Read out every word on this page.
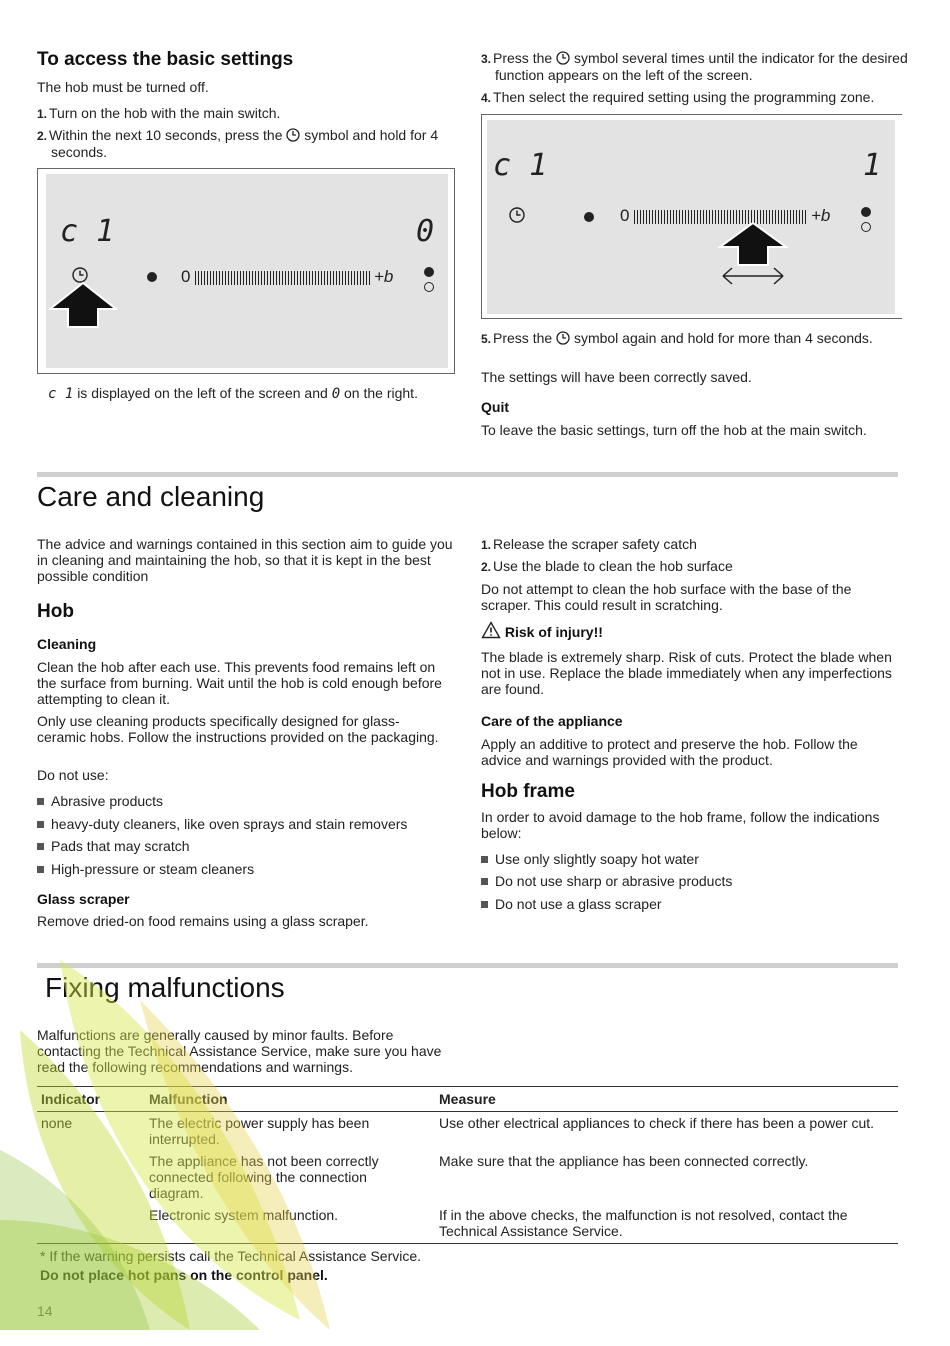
To access the basic settings

The hob must be turned off.

1. Turn on the hob with the main switch.
2. Within the next 10 seconds, press the symbol and hold for 4 seconds.
c 1	0
0	+b

c 1 is displayed on the left of the screen and 0 on the right.

3. Press the symbol several times until the indicator for the desired function appears on the left of the screen.
4. Then select the required setting using the programming zone.
c 1	1
0	+b
5. Press the symbol again and hold for more than 4 seconds.

The settings will have been correctly saved.

Quit

To leave the basic settings, turn off the hob at the main switch.

Care and cleaning

The advice and warnings contained in this section aim to guide you in cleaning and maintaining the hob, so that it is kept in the best possible condition

Hob

Cleaning

Clean the hob after each use. This prevents food remains left on the surface from burning. Wait until the hob is cold enough before attempting to clean it.

Only use cleaning products specifically designed for glass-ceramic hobs. Follow the instructions provided on the packaging.

Do not use:

Abrasive products
heavy-duty cleaners, like oven sprays and stain removers
Pads that may scratch
High-pressure or steam cleaners

Glass scraper

Remove dried-on food remains using a glass scraper.

1. Release the scraper safety catch
2. Use the blade to clean the hob surface

Do not attempt to clean the hob surface with the base of the scraper. This could result in scratching.

Risk of injury!!

The blade is extremely sharp. Risk of cuts. Protect the blade when not in use. Replace the blade immediately when any imperfections are found.

Care of the appliance

Apply an additive to protect and preserve the hob. Follow the advice and warnings provided with the product.

Hob frame

In order to avoid damage to the hob frame, follow the indications below:

Use only slightly soapy hot water
Do not use sharp or abrasive products
Do not use a glass scraper
Fixing malfunctions

Malfunctions are generally caused by minor faults. Before contacting the Technical Assistance Service, make sure you have read the following recommendations and warnings.

Indicator	Malfunction	Measure
none	The electric power supply has been interrupted.	Use other electrical appliances to check if there has been a power cut.
	The appliance has not been correctly connected following the connection diagram.	Make sure that the appliance has been connected correctly.
	Electronic system malfunction.	If in the above checks, the malfunction is not resolved, contact the Technical Assistance Service.

* If the warning persists call the Technical Assistance Service.

Do not place hot pans on the control panel.

14
